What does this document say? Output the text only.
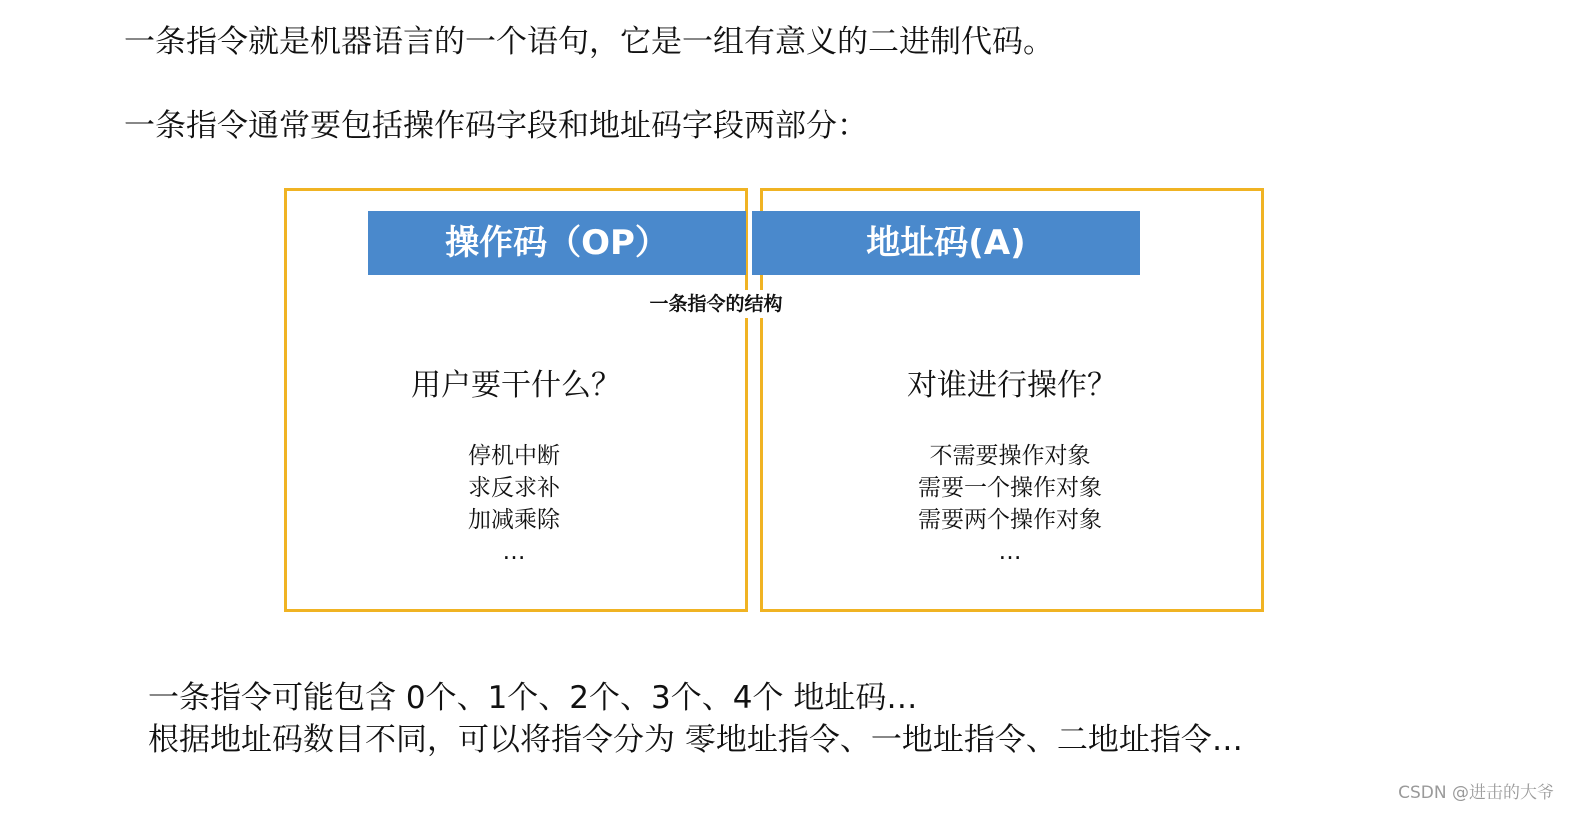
一条指令就是机器语言的一个语句，它是一组有意义的二进制代码。
一条指令通常要包括操作码字段和地址码字段两部分：
操作码（OP）	地址码(A)
一条指令的结构
用户要干什么？
停机中断
求反求补
加减乘除
…
对谁进行操作？
不需要操作对象
需要一个操作对象
需要两个操作对象
…
一条指令可能包含 0个、1个、2个、3个、4个 地址码…
根据地址码数目不同，可以将指令分为 零地址指令、一地址指令、二地址指令…
CSDN @进击的大爷
